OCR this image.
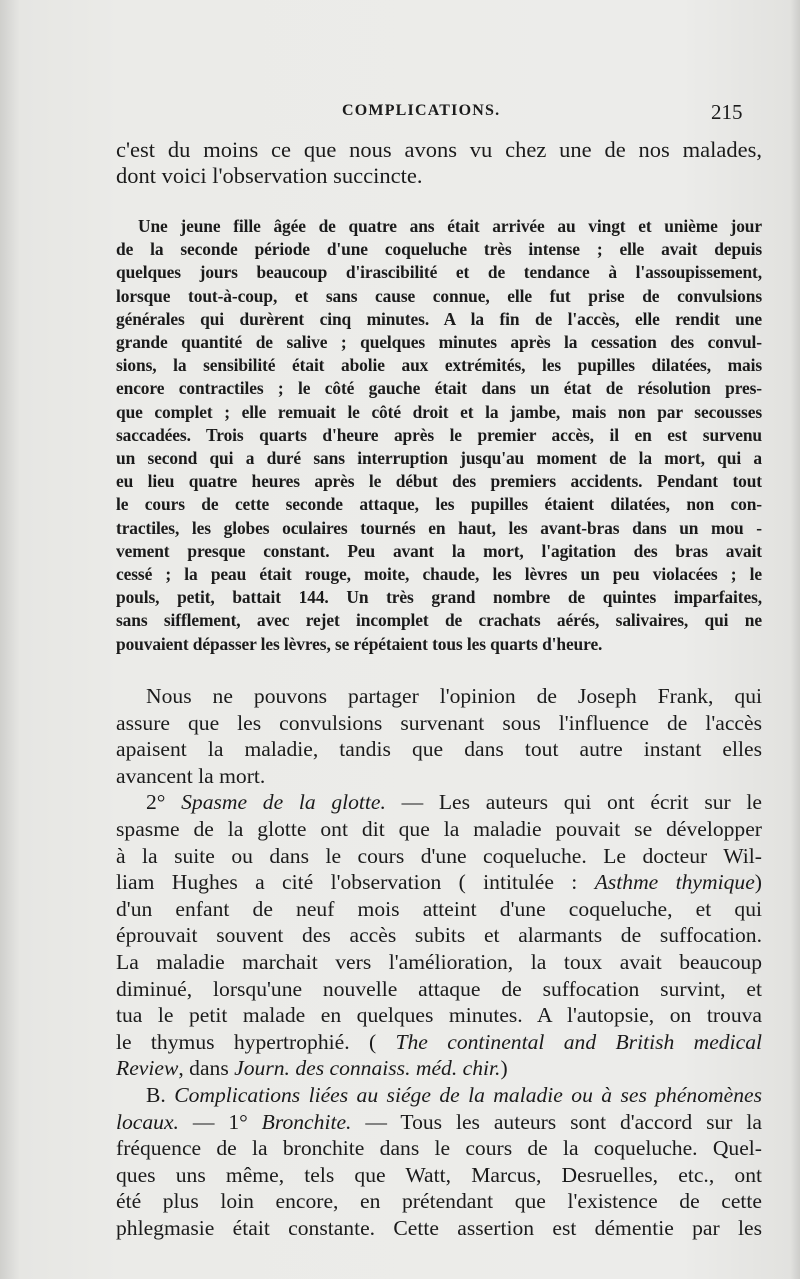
COMPLICATIONS.	215
c'est du moins ce que nous avons vu chez une de nos malades,
dont voici l'observation succincte.
Une jeune fille âgée de quatre ans était arrivée au vingt et unième jour
de la seconde période d'une coqueluche très intense ; elle avait depuis
quelques jours beaucoup d'irascibilité et de tendance à l'assoupissement,
lorsque tout-à-coup, et sans cause connue, elle fut prise de convulsions
générales qui durèrent cinq minutes. A la fin de l'accès, elle rendit une
grande quantité de salive ; quelques minutes après la cessation des convul-
sions, la sensibilité était abolie aux extrémités, les pupilles dilatées, mais
encore contractiles ; le côté gauche était dans un état de résolution pres-
que complet ; elle remuait le côté droit et la jambe, mais non par secousses
saccadées. Trois quarts d'heure après le premier accès, il en est survenu
un second qui a duré sans interruption jusqu'au moment de la mort, qui a
eu lieu quatre heures après le début des premiers accidents. Pendant tout
le cours de cette seconde attaque, les pupilles étaient dilatées, non con-
tractiles, les globes oculaires tournés en haut, les avant-bras dans un mou -
vement presque constant. Peu avant la mort, l'agitation des bras avait
cessé ; la peau était rouge, moite, chaude, les lèvres un peu violacées ; le
pouls, petit, battait 144. Un très grand nombre de quintes imparfaites,
sans sifflement, avec rejet incomplet de crachats aérés, salivaires, qui ne
pouvaient dépasser les lèvres, se répétaient tous les quarts d'heure.
Nous ne pouvons partager l'opinion de Joseph Frank, qui
assure que les convulsions survenant sous l'influence de l'accès
apaisent la maladie, tandis que dans tout autre instant elles
avancent la mort.
2° Spasme de la glotte. — Les auteurs qui ont écrit sur le
spasme de la glotte ont dit que la maladie pouvait se développer
à la suite ou dans le cours d'une coqueluche. Le docteur Wil-
liam Hughes a cité l'observation ( intitulée : Asthme thymique)
d'un enfant de neuf mois atteint d'une coqueluche, et qui
éprouvait souvent des accès subits et alarmants de suffocation.
La maladie marchait vers l'amélioration, la toux avait beaucoup
diminué, lorsqu'une nouvelle attaque de suffocation survint, et
tua le petit malade en quelques minutes. A l'autopsie, on trouva
le thymus hypertrophié. ( The continental and British medical
Review, dans Journ. des connaiss. méd. chir.)
B. Complications liées au siége de la maladie ou à ses phénomènes
locaux. — 1° Bronchite. — Tous les auteurs sont d'accord sur la
fréquence de la bronchite dans le cours de la coqueluche. Quel-
ques uns même, tels que Watt, Marcus, Desruelles, etc., ont
été plus loin encore, en prétendant que l'existence de cette
phlegmasie était constante. Cette assertion est démentie par les
